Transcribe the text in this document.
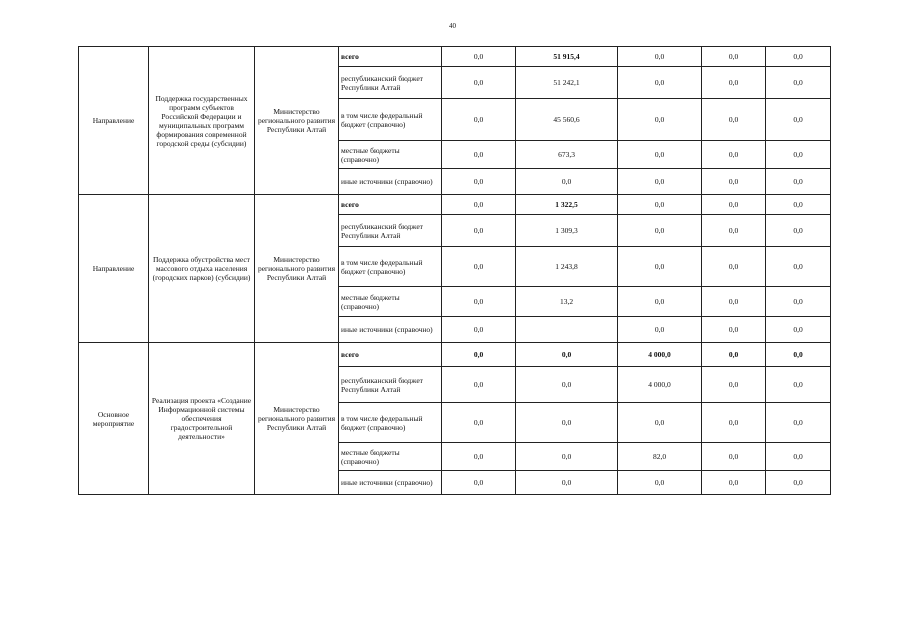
40
Направление	Поддержка государственных программ субъектов Российской Федерации и муниципальных программ формирования современной городской среды (субсидии)	Министерство регионального развития Республики Алтай	всего	0,0	51 915,4	0,0	0,0	0,0
			республиканский бюджет Республики Алтай	0,0	51 242,1	0,0	0,0	0,0
			в том числе федеральный бюджет (справочно)	0,0	45 560,6	0,0	0,0	0,0
			местные бюджеты (справочно)	0,0	673,3	0,0	0,0	0,0
			иные источники (справочно)	0,0	0,0	0,0	0,0	0,0
Направление	Поддержка обустройства мест массового отдыха населения (городских парков) (субсидии)	Министерство регионального развития Республики Алтай	всего	0,0	1 322,5	0,0	0,0	0,0
			республиканский бюджет Республики Алтай	0,0	1 309,3	0,0	0,0	0,0
			в том числе федеральный бюджет (справочно)	0,0	1 243,8	0,0	0,0	0,0
			местные бюджеты (справочно)	0,0	13,2	0,0	0,0	0,0
			иные источники (справочно)	0,0		0,0	0,0	0,0
Основное мероприятие	Реализация проекта «Создание Информационной системы обеспечения градостроительной деятельности»	Министерство регионального развития Республики Алтай	всего	0,0	0,0	4 000,0	0,0	0,0
			республиканский бюджет Республики Алтай	0,0	0,0	4 000,0	0,0	0,0
			в том числе федеральный бюджет (справочно)	0,0	0,0	0,0	0,0	0,0
			местные бюджеты (справочно)	0,0	0,0	82,0	0,0	0,0
			иные источники (справочно)	0,0	0,0	0,0	0,0	0,0
